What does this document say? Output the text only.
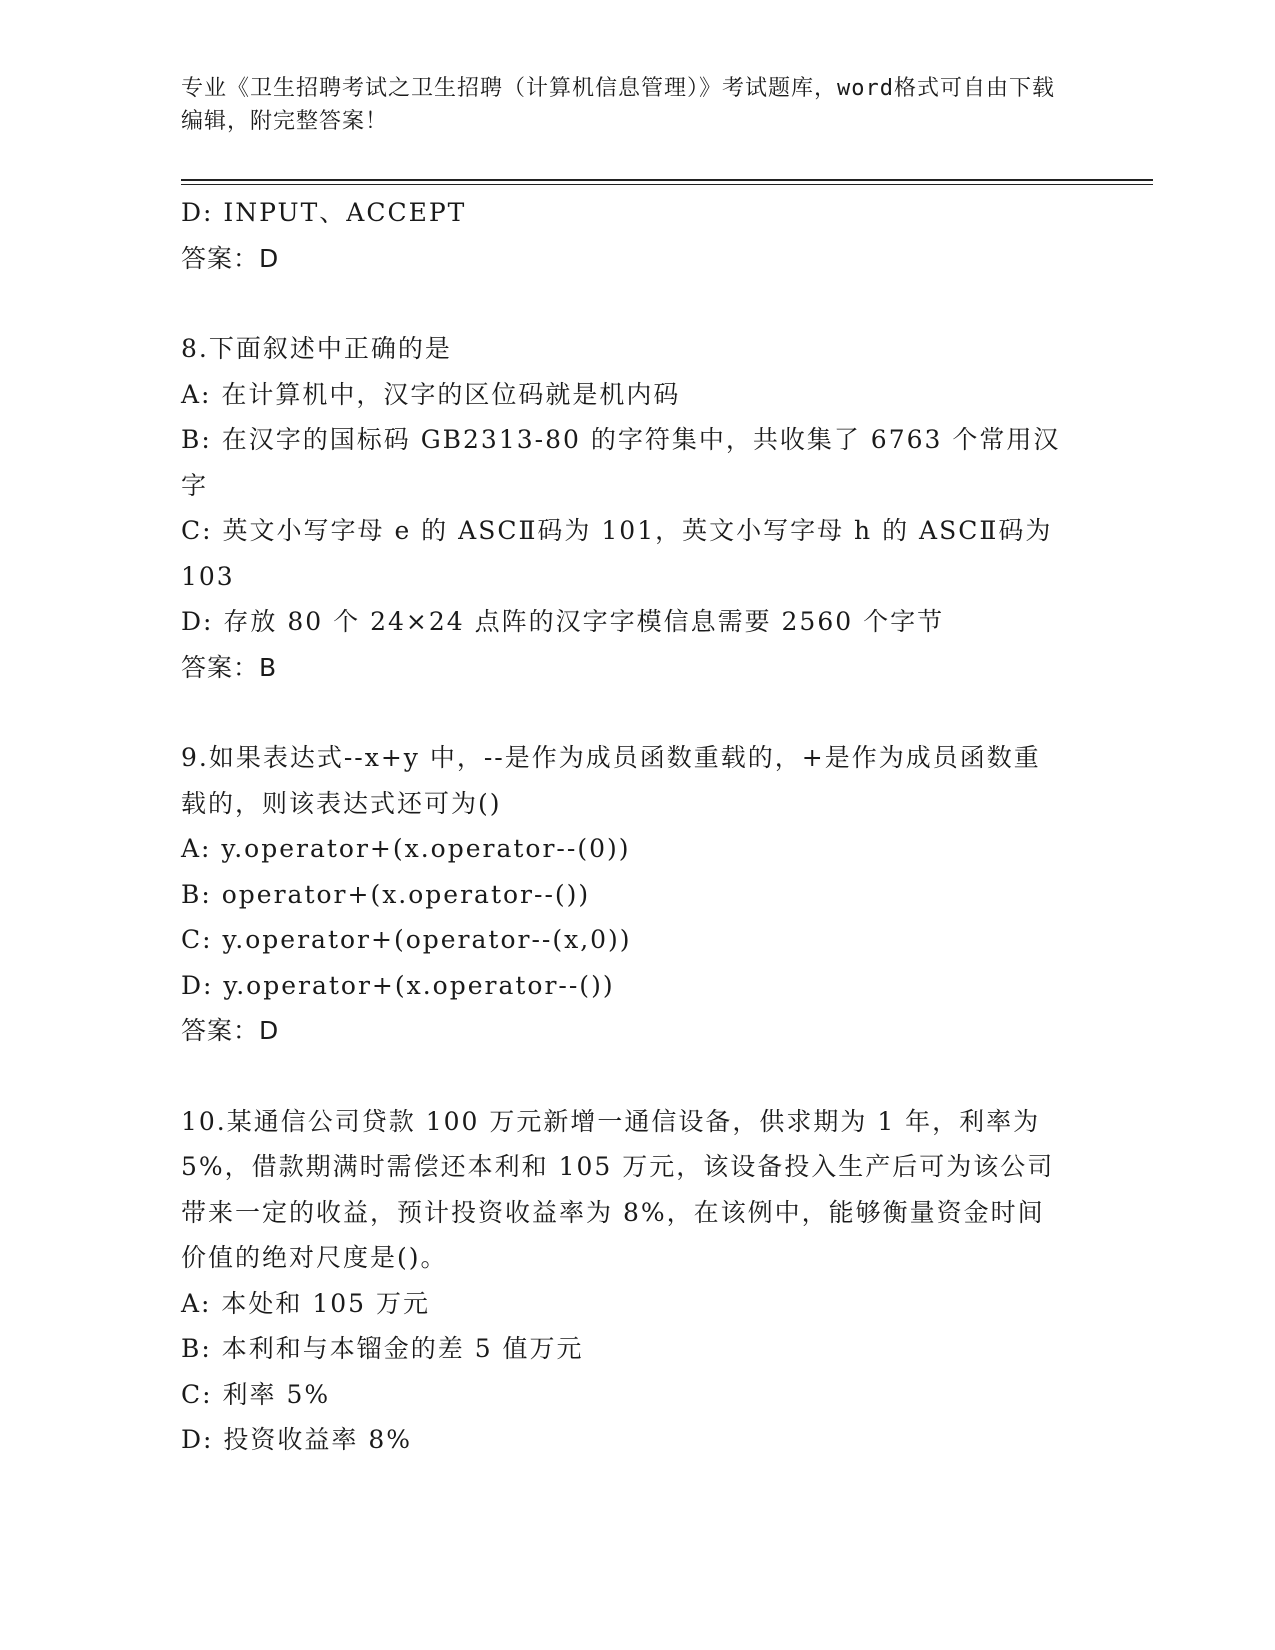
专业《卫生招聘考试之卫生招聘（计算机信息管理）》考试题库，word格式可自由下载编辑，附完整答案！
D: INPUT、ACCEPT
答案：D
8.下面叙述中正确的是
A: 在计算机中，汉字的区位码就是机内码
B: 在汉字的国标码 GB2313-80 的字符集中，共收集了 6763 个常用汉字
C: 英文小写字母 e 的 ASCⅡ码为 101，英文小写字母 h 的 ASCⅡ码为 103
D: 存放 80 个 24×24 点阵的汉字字模信息需要 2560 个字节
答案：B
9.如果表达式--x+y 中，--是作为成员函数重载的，+是作为成员函数重载的，则该表达式还可为()
A: y.operator+(x.operator--(0))
B: operator+(x.operator--())
C: y.operator+(operator--(x,0))
D: y.operator+(x.operator--())
答案：D
10.某通信公司贷款 100 万元新增一通信设备，供求期为 1 年，利率为 5%，借款期满时需偿还本利和 105 万元，该设备投入生产后可为该公司带来一定的收益，预计投资收益率为 8%，在该例中，能够衡量资金时间价值的绝对尺度是()。
A: 本处和 105 万元
B: 本利和与本镏金的差 5 值万元
C: 利率 5%
D: 投资收益率 8%
